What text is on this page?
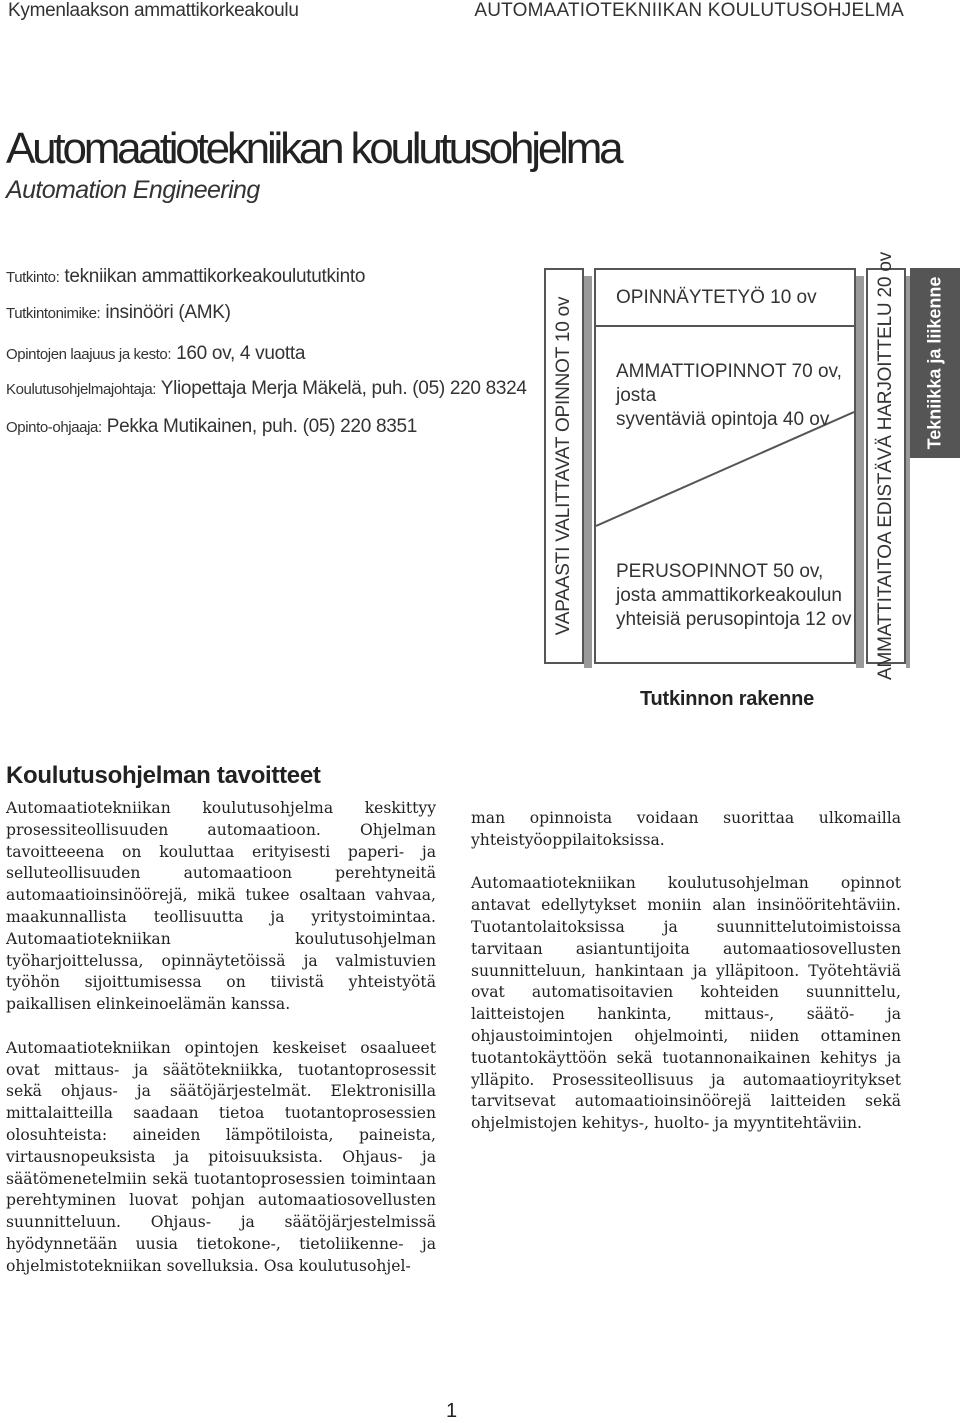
Kymenlaakson ammattikorkeakoulu	AUTOMAATIOTEKNIIKAN KOULUTUSOHJELMA
Automaatiotekniikan koulutusohjelma
Automation Engineering
Tutkinto: tekniikan ammattikorkeakoulututkinto
Tutkintonimike: insinööri (AMK)
Opintojen laajuus ja kesto: 160 ov, 4 vuotta
Koulutusohjelmajohtaja: Yliopettaja Merja Mäkelä, puh. (05) 220 8324
Opinto-ohjaaja: Pekka Mutikainen, puh. (05) 220 8351	VAPAASTI VALITTAVAT OPINNOT 10 ov OPINNÄYTETYÖ 10 ov
AMMATTIOPINNOT 70 ov,
josta
syventäviä opintoja 40 ov
PERUSOPINNOT 50 ov,
josta ammattikorkeakoulun
yhteisiä perusopintoja 12 ov AMMATTITAITOA EDISTÄVÄ HARJOITTELU 20 ov Tekniikka ja liikenne
Tutkinnon rakenne
Koulutusohjelman tavoitteet

Automaatiotekniikan koulutusohjelma keskittyy prosessiteollisuuden automaatioon. Ohjelman tavoitteeena on kouluttaa erityisesti paperi- ja selluteollisuuden automaatioon perehtyneitä automaatioinsinöörejä, mikä tukee osaltaan vahvaa, maakunnallista teollisuutta ja yritystoimintaa. Automaatiotekniikan koulutusohjelman työharjoittelussa, opinnäytetöissä ja valmistuvien työhön sijoittumisessa on tiivistä yhteistyötä paikallisen elinkeinoelämän kanssa.

Automaatiotekniikan opintojen keskeiset osaalueet ovat mittaus- ja säätötekniikka, tuotantoprosessit sekä ohjaus- ja säätöjärjestelmät. Elektronisilla mittalaitteilla saadaan tietoa tuotantoprosessien olosuhteista: aineiden lämpötiloista, paineista, virtausnopeuksista ja pitoisuuksista. Ohjaus- ja säätömenetelmiin sekä tuotantoprosessien toimintaan perehtyminen luovat pohjan automaatiosovellusten suunnitteluun. Ohjaus- ja säätöjärjestelmissä hyödynnetään uusia tietokone-, tietoliikenne- ja ohjelmistotekniikan sovelluksia. Osa koulutusohjel-

man opinnoista voidaan suorittaa ulkomailla yhteistyöoppilaitoksissa.

Automaatiotekniikan koulutusohjelman opinnot antavat edellytykset moniin alan insinööritehtäviin. Tuotantolaitoksissa ja suunnittelutoimistoissa tarvitaan asiantuntijoita automaatiosovellusten suunnitteluun, hankintaan ja ylläpitoon. Työtehtäviä ovat automatisoitavien kohteiden suunnittelu, laitteistojen hankinta, mittaus-, säätö- ja ohjaustoimintojen ohjelmointi, niiden ottaminen tuotantokäyttöön sekä tuotannonaikainen kehitys ja ylläpito. Prosessiteollisuus ja automaatioyritykset tarvitsevat automaatioinsinöörejä laitteiden sekä ohjelmistojen kehitys-, huolto- ja myyntitehtäviin.

1
